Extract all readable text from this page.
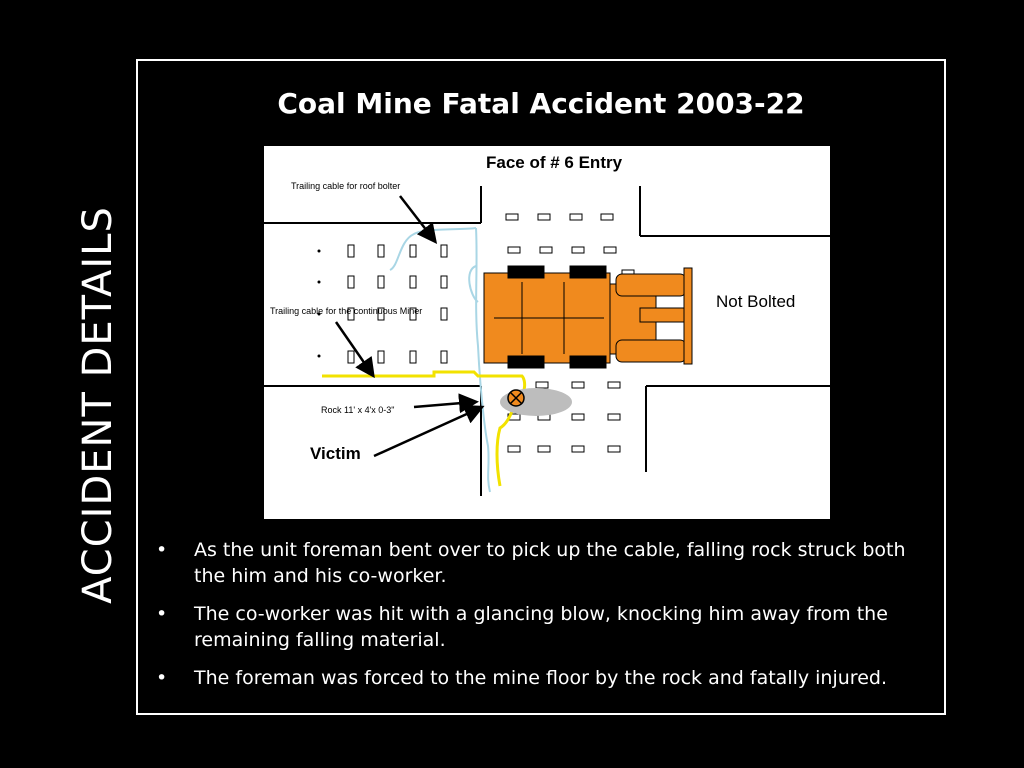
ACCIDENT DETAILS
Coal Mine Fatal Accident 2003-22
Face of # 6 Entry
Not Bolted
Trailing cable for roof bolter
Trailing cable for the continuous Miner
Rock 11' x 4'x 0-3"
Victim
• As the unit foreman bent over to pick up the cable, falling rock struck both the him and his co-worker.
• The co-worker was hit with a glancing blow, knocking him away from the remaining falling material.
• The foreman was forced to the mine floor by the rock and fatally injured.
